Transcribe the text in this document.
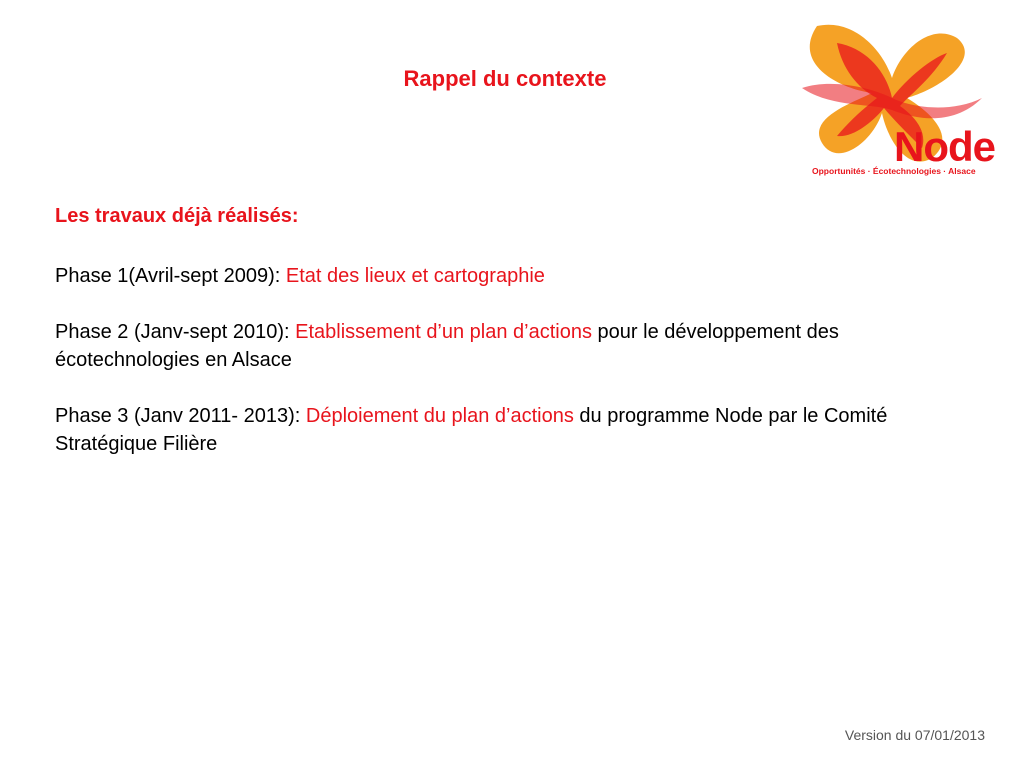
Rappel du contexte
Node
Opportunités · Écotechnologies · Alsace

Les travaux déjà réalisés:

Phase 1(Avril-sept 2009): Etat des lieux et cartographie

Phase 2 (Janv-sept 2010): Etablissement d’un plan d’actions pour le développement des écotechnologies en Alsace

Phase 3 (Janv 2011- 2013): Déploiement du plan d’actions du programme Node par le Comité Stratégique Filière

Version du 07/01/2013
